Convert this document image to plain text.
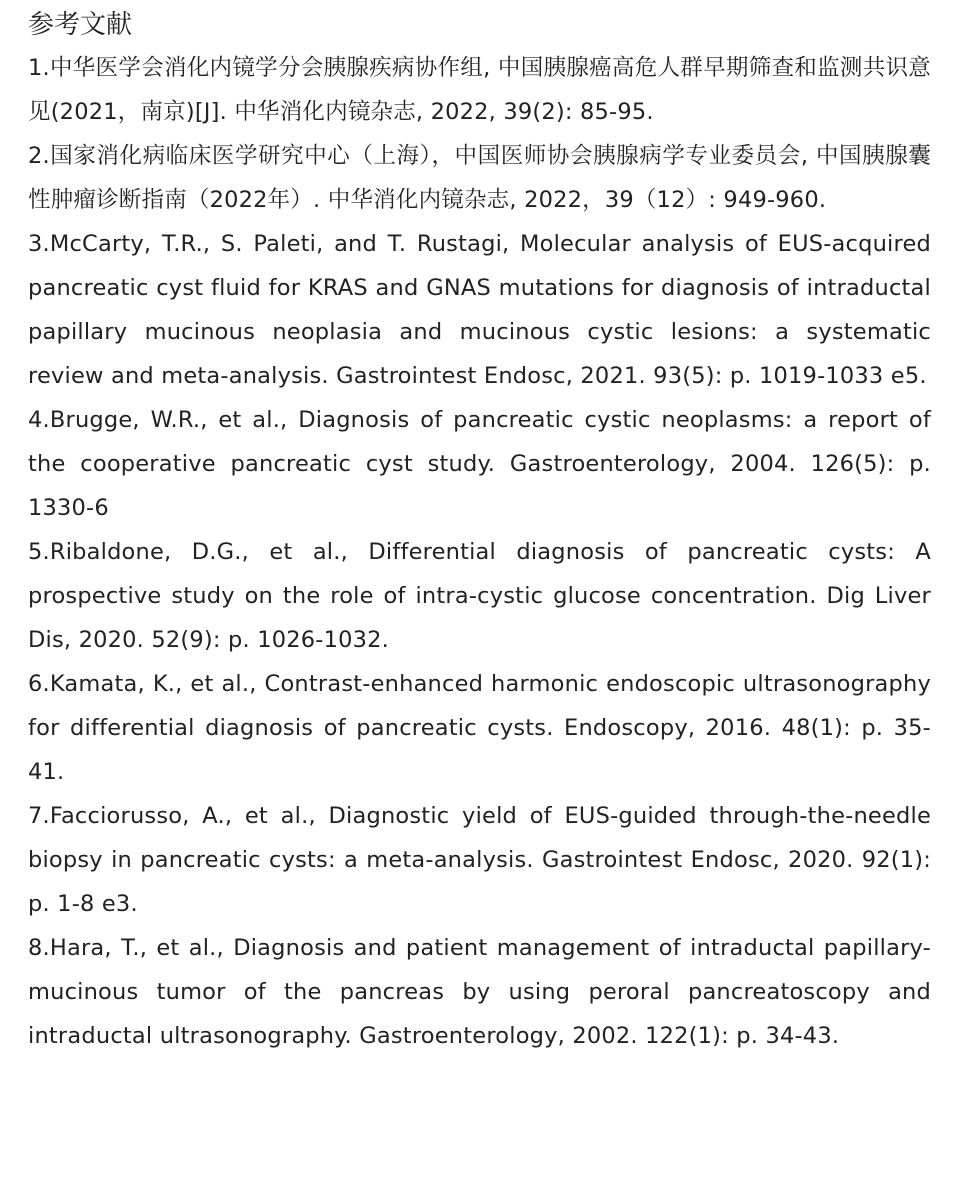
参考文献
1.中华医学会消化内镜学分会胰腺疾病协作组, 中国胰腺癌高危人群早期筛查和监测共识意见(2021，南京)[J]. 中华消化内镜杂志, 2022, 39(2): 85-95.
2.国家消化病临床医学研究中心（上海），中国医师协会胰腺病学专业委员会, 中国胰腺囊性肿瘤诊断指南（2022年）. 中华消化内镜杂志, 2022，39（12）: 949-960.
3.McCarty, T.R., S. Paleti, and T. Rustagi, Molecular analysis of EUS-acquired pancreatic cyst fluid for KRAS and GNAS mutations for diagnosis of intraductal papillary mucinous neoplasia and mucinous cystic lesions: a systematic review and meta-analysis. Gastrointest Endosc, 2021. 93(5): p. 1019-1033 e5.
4.Brugge, W.R., et al., Diagnosis of pancreatic cystic neoplasms: a report of the cooperative pancreatic cyst study. Gastroenterology, 2004. 126(5): p. 1330-6
5.Ribaldone, D.G., et al., Differential diagnosis of pancreatic cysts: A prospective study on the role of intra-cystic glucose concentration. Dig Liver Dis, 2020. 52(9): p. 1026-1032.
6.Kamata, K., et al., Contrast-enhanced harmonic endoscopic ultrasonography for differential diagnosis of pancreatic cysts. Endoscopy, 2016. 48(1): p. 35-41.
7.Facciorusso, A., et al., Diagnostic yield of EUS-guided through-the-needle biopsy in pancreatic cysts: a meta-analysis. Gastrointest Endosc, 2020. 92(1): p. 1-8 e3.
8.Hara, T., et al., Diagnosis and patient management of intraductal papillary-mucinous tumor of the pancreas by using peroral pancreatoscopy and intraductal ultrasonography. Gastroenterology, 2002. 122(1): p. 34-43.
